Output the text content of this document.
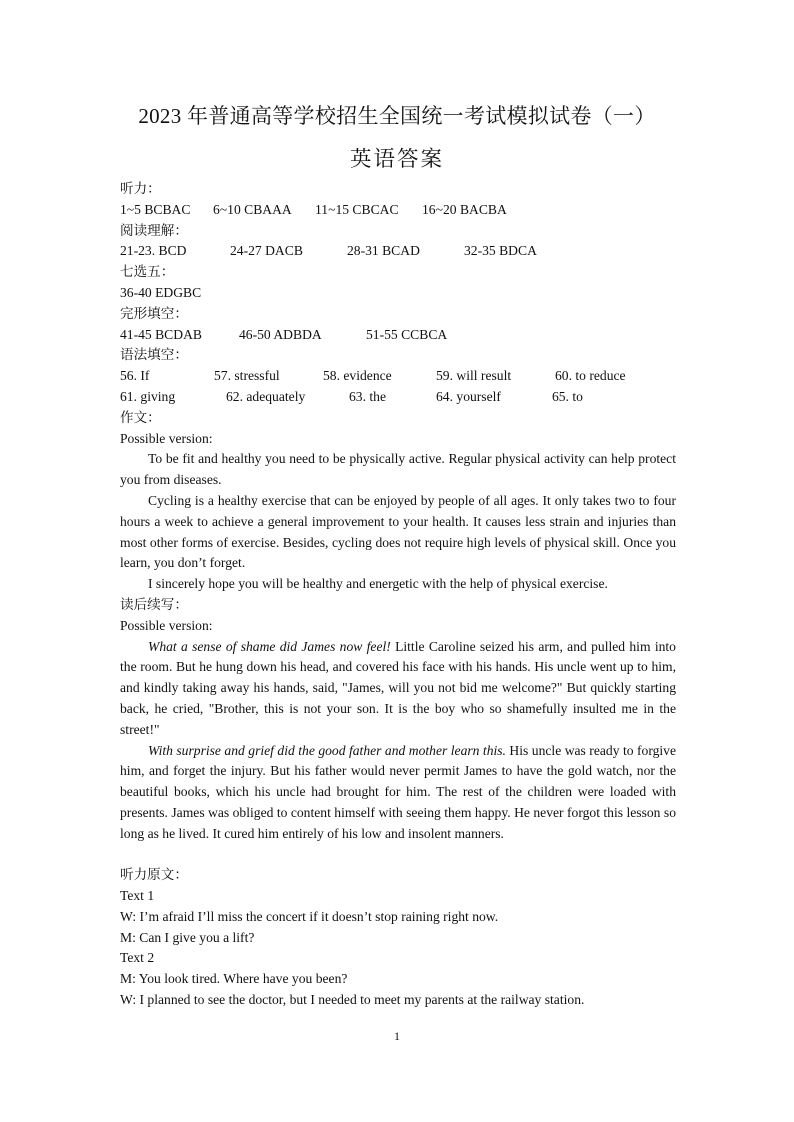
2023 年普通高等学校招生全国统一考试模拟试卷（一）
英语答案
听力：
1~5 BCBAC 6~10 CBAAA 11~15 CBCAC 16~20 BACBA
阅读理解：
21-23. BCD	24-27 DACB	28-31 BCAD	32-35 BDCA
七选五：
36-40 EDGBC
完形填空：
41-45 BCDAB	46-50 ADBDA	51-55 CCBCA
语法填空：
56. If	57. stressful	58. evidence	59. will result	60. to reduce
61. giving	62. adequately	63. the	64. yourself	65. to
作文：
Possible version:

To be fit and healthy you need to be physically active. Regular physical activity can help protect you from diseases.

Cycling is a healthy exercise that can be enjoyed by people of all ages. It only takes two to four hours a week to achieve a general improvement to your health. It causes less strain and injuries than most other forms of exercise. Besides, cycling does not require high levels of physical skill. Once you learn, you don’t forget.

I sincerely hope you will be healthy and energetic with the help of physical exercise.

读后续写：
Possible version:

What a sense of shame did James now feel! Little Caroline seized his arm, and pulled him into the room. But he hung down his head, and covered his face with his hands. His uncle went up to him, and kindly taking away his hands, said, "James, will you not bid me welcome?" But quickly starting back, he cried, "Brother, this is not your son. It is the boy who so shamefully insulted me in the street!"

With surprise and grief did the good father and mother learn this. His uncle was ready to forgive him, and forget the injury. But his father would never permit James to have the gold watch, nor the beautiful books, which his uncle had brought for him. The rest of the children were loaded with presents. James was obliged to content himself with seeing them happy. He never forgot this lesson so long as he lived. It cured him entirely of his low and insolent manners.

听力原文：
Text 1
W: I’m afraid I’ll miss the concert if it doesn’t stop raining right now.
M: Can I give you a lift?
Text 2
M: You look tired. Where have you been?
W: I planned to see the doctor, but I needed to meet my parents at the railway station.
1
